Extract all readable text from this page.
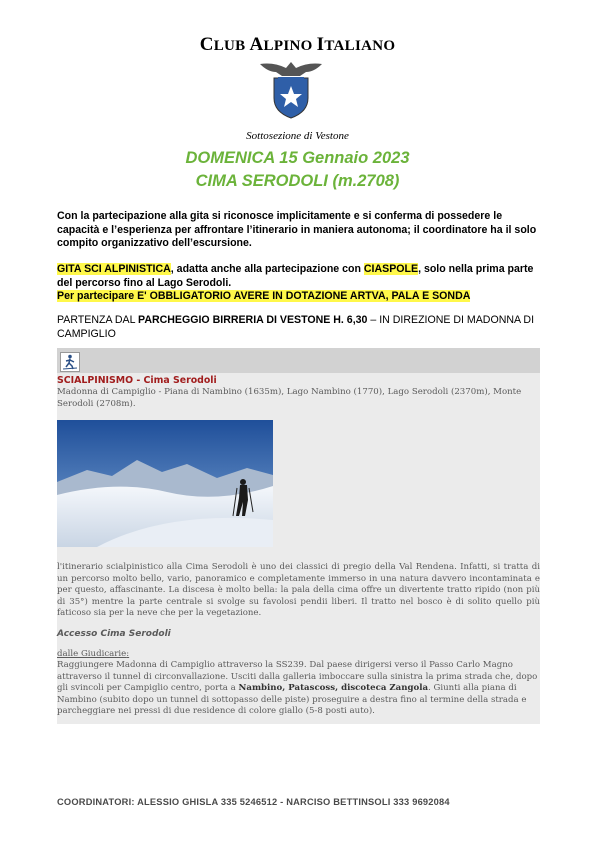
CLUB ALPINO ITALIANO
Sottosezione di Vestone
DOMENICA 15 Gennaio 2023
CIMA SERODOLI (m.2708)
Con la partecipazione alla gita si riconosce implicitamente e si conferma di possedere le capacità e l’esperienza per affrontare l’itinerario in maniera autonoma; il coordinatore ha il solo compito organizzativo dell’escursione.
GITA SCI ALPINISTICA, adatta anche alla partecipazione con CIASPOLE, solo nella prima parte del percorso fino al Lago Serodoli.
Per partecipare E' OBBLIGATORIO AVERE IN DOTAZIONE ARTVA, PALA E SONDA
PARTENZA DAL PARCHEGGIO BIRRERIA DI VESTONE H. 6,30 – IN DIREZIONE DI MADONNA DI CAMPIGLIO
SCIALPINISMO - Cima Serodoli
Madonna di Campiglio - Piana di Nambino (1635m), Lago Nambino (1770), Lago Serodoli (2370m), Monte Serodoli (2708m).
l'itinerario scialpinistico alla Cima Serodoli è uno dei classici di pregio della Val Rendena. Infatti, si tratta di un percorso molto bello, vario, panoramico e completamente immerso in una natura davvero incontaminata e per questo, affascinante. La discesa è molto bella: la pala della cima offre un divertente tratto ripido (non più di 35°) mentre la parte centrale si svolge su favolosi pendii liberi. Il tratto nel bosco è di solito quello più faticoso sia per la neve che per la vegetazione.
Accesso Cima Serodoli
dalle Giudicarie:
Raggiungere Madonna di Campiglio attraverso la SS239. Dal paese dirigersi verso il Passo Carlo Magno attraverso il tunnel di circonvallazione. Usciti dalla galleria imboccare sulla sinistra la prima strada che, dopo gli svincoli per Campiglio centro, porta a Nambino, Patascoss, discoteca Zangola. Giunti alla piana di Nambino (subito dopo un tunnel di sottopasso delle piste) proseguire a destra fino al termine della strada e parcheggiare nei pressi di due residence di colore giallo (5-8 posti auto).
COORDINATORI: ALESSIO GHISLA 335 5246512 - NARCISO BETTINSOLI 333 9692084
